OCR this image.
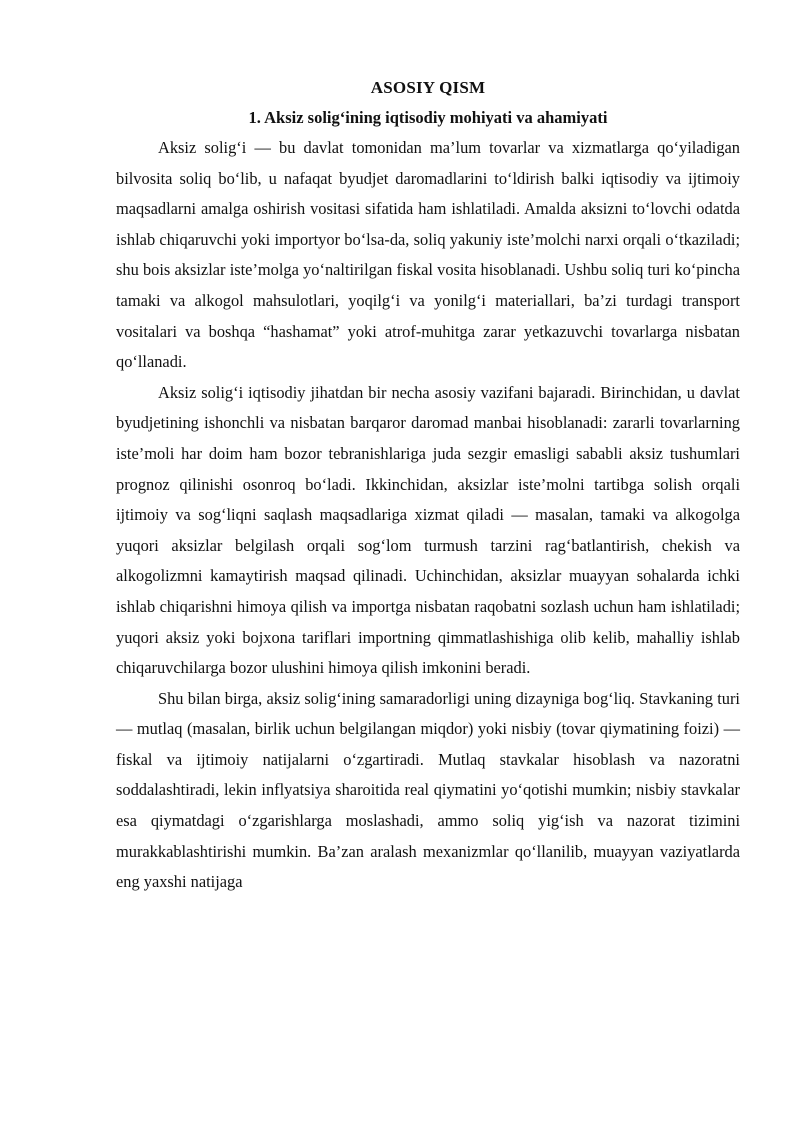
ASOSIY QISM
1. Aksiz solig‘ining iqtisodiy mohiyati va ahamiyati

Aksiz solig‘i — bu davlat tomonidan ma’lum tovarlar va xizmatlarga qo‘yiladigan bilvosita soliq bo‘lib, u nafaqat byudjet daromadlarini to‘ldirish balki iqtisodiy va ijtimoiy maqsadlarni amalga oshirish vositasi sifatida ham ishlatiladi. Amalda aksizni to‘lovchi odatda ishlab chiqaruvchi yoki importyor bo‘lsa-da, soliq yakuniy iste’molchi narxi orqali o‘tkaziladi; shu bois aksizlar iste’molga yo‘naltirilgan fiskal vosita hisoblanadi. Ushbu soliq turi ko‘pincha tamaki va alkogol mahsulotlari, yoqilg‘i va yonilg‘i materiallari, ba’zi turdagi transport vositalari va boshqa “hashamat” yoki atrof-muhitga zarar yetkazuvchi tovarlarga nisbatan qo‘llanadi.

Aksiz solig‘i iqtisodiy jihatdan bir necha asosiy vazifani bajaradi. Birinchidan, u davlat byudjetining ishonchli va nisbatan barqaror daromad manbai hisoblanadi: zararli tovarlarning iste’moli har doim ham bozor tebranishlariga juda sezgir emasligi sababli aksiz tushumlari prognoz qilinishi osonroq bo‘ladi. Ikkinchidan, aksizlar iste’molni tartibga solish orqali ijtimoiy va sog‘liqni saqlash maqsadlariga xizmat qiladi — masalan, tamaki va alkogolga yuqori aksizlar belgilash orqali sog‘lom turmush tarzini rag‘batlantirish, chekish va alkogolizmni kamaytirish maqsad qilinadi. Uchinchidan, aksizlar muayyan sohalarda ichki ishlab chiqarishni himoya qilish va importga nisbatan raqobatni sozlash uchun ham ishlatiladi; yuqori aksiz yoki bojxona tariflari importning qimmatlashishiga olib kelib, mahalliy ishlab chiqaruvchilarga bozor ulushini himoya qilish imkonini beradi.

Shu bilan birga, aksiz solig‘ining samaradorligi uning dizayniga bog‘liq. Stavkaning turi — mutlaq (masalan, birlik uchun belgilangan miqdor) yoki nisbiy (tovar qiymatining foizi) — fiskal va ijtimoiy natijalarni o‘zgartiradi. Mutlaq stavkalar hisoblash va nazoratni soddalashtiradi, lekin inflyatsiya sharoitida real qiymatini yo‘qotishi mumkin; nisbiy stavkalar esa qiymatdagi o‘zgarishlarga moslashadi, ammo soliq yig‘ish va nazorat tizimini murakkablashtirishi mumkin. Ba’zan aralash mexanizmlar qo‘llanilib, muayyan vaziyatlarda eng yaxshi natijaga
